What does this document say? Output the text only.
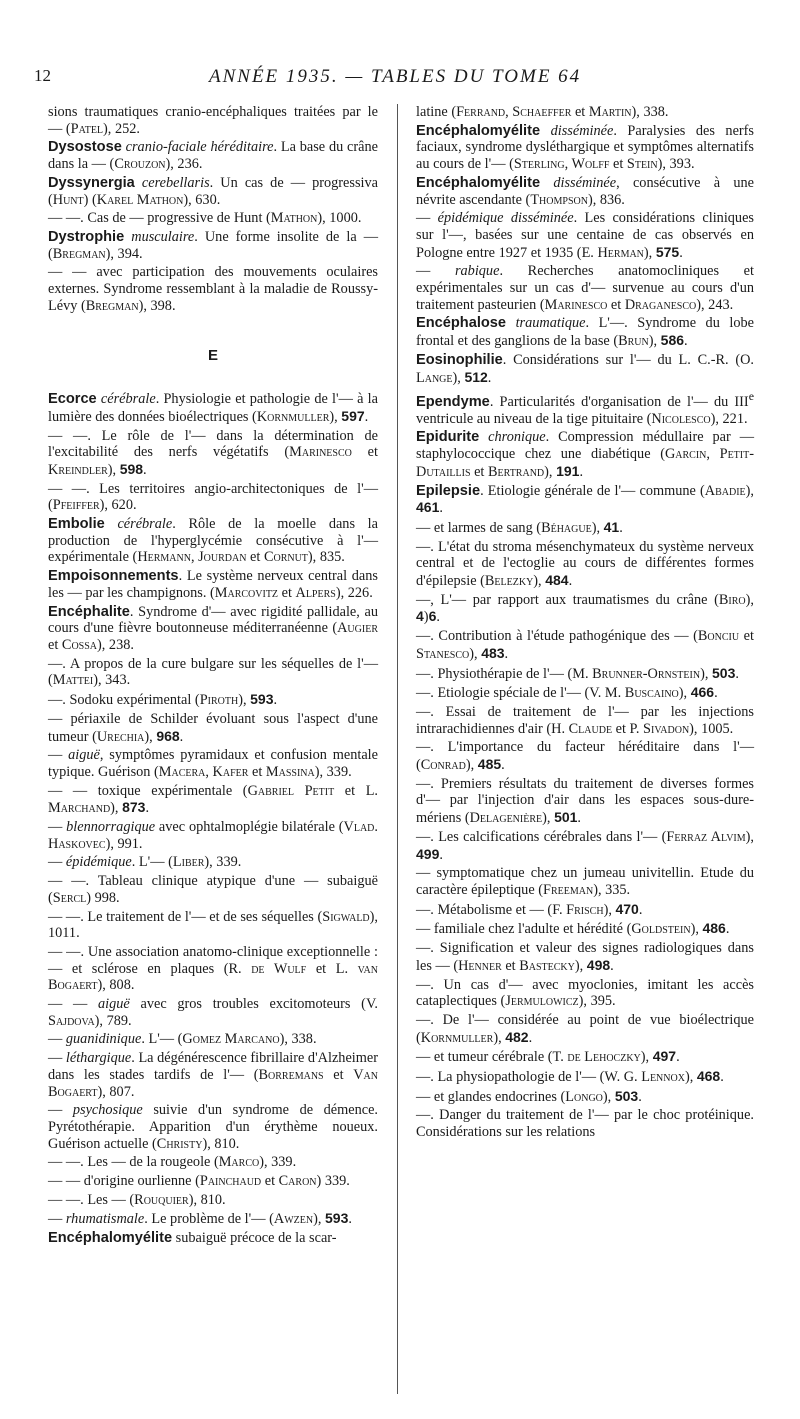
12	ANNÉE 1935. — TABLES DU TOME 64
sions traumatiques cranio-encéphaliques traitées par le — (Patel), 252.
Dysostose cranio-faciale héréditaire. La base du crâne dans la — (Crouzon), 236.
Dyssynergia cerebellaris. Un cas de — progressiva (Hunt) (Karel Mathon), 630.
— —. Cas de — progressive de Hunt (Mathon), 1000.
Dystrophie musculaire. Une forme insolite de la — (Bregman), 394.
— — avec participation des mouvements oculaires externes. Syndrome ressemblant à la maladie de Roussy-Lévy (Bregman), 398.
E
Ecorce cérébrale. Physiologie et pathologie de l'— à la lumière des données bioélectriques (Kornmuller), 597.
— —. Le rôle de l'— dans la détermination de l'excitabilité des nerfs végétatifs (Marinesco et Kreindler), 598.
— —. Les territoires angio-architectoniques de l'— (Pfeiffer), 620.
Embolie cérébrale. Rôle de la moelle dans la production de l'hyperglycémie consécutive à l'— expérimentale (Hermann, Jourdan et Cornut), 835.
Empoisonnements. Le système nerveux central dans les — par les champignons. (Marcovitz et Alpers), 226.
Encéphalite. Syndrome d'— avec rigidité pallidale, au cours d'une fièvre boutonneuse méditerranéenne (Augier et Cossa), 238.
—. A propos de la cure bulgare sur les séquelles de l'— (Mattei), 343.
—. Sodoku expérimental (Piroth), 593.
— périaxile de Schilder évoluant sous l'aspect d'une tumeur (Urechia), 968.
— aiguë, symptômes pyramidaux et confusion mentale typique. Guérison (Macera, Kafer et Massina), 339.
— — toxique expérimentale (Gabriel Petit et L. Marchand), 873.
— blennorragique avec ophtalmoplégie bilatérale (Vlad. Haskovec), 991.
— épidémique. L'— (Liber), 339.
— —. Tableau clinique atypique d'une — subaiguë (Sercl) 998.
— —. Le traitement de l'— et de ses séquelles (Sigwald), 1011.
— —. Une association anatomo-clinique exceptionnelle : — et sclérose en plaques (R. de Wulf et L. van Bogaert), 808.
— — aiguë avec gros troubles excitomoteurs (V. Sajdova), 789.
— guanidinique. L'— (Gomez Marcano), 338.
— léthargique. La dégénérescence fibrillaire d'Alzheimer dans les stades tardifs de l'— (Borremans et Van Bogaert), 807.
— psychosique suivie d'un syndrome de démence. Pyrétothérapie. Apparition d'un érythème noueux. Guérison actuelle (Christy), 810.
— —. Les — de la rougeole (Marco), 339.
— — d'origine ourlienne (Painchaud et Caron) 339.
— —. Les — (Rouquier), 810.
— rhumatismale. Le problème de l'— (Awzen), 593.
Encéphalomyélite subaiguë précoce de la scar-
latine (Ferrand, Schaeffer et Martin), 338.
Encéphalomyélite disséminée. Paralysies des nerfs faciaux, syndrome dysléthargique et symptômes alternatifs au cours de l'— (Sterling, Wolff et Stein), 393.
Encéphalomyélite disséminée, consécutive à une névrite ascendante (Thompson), 836.
— épidémique disséminée. Les considérations cliniques sur l'—, basées sur une centaine de cas observés en Pologne entre 1927 et 1935 (E. Herman), 575.
— rabique. Recherches anatomocliniques et expérimentales sur un cas d'— survenue au cours d'un traitement pasteurien (Marinesco et Draganesco), 243.
Encéphalose traumatique. L'—. Syndrome du lobe frontal et des ganglions de la base (Brun), 586.
Eosinophilie. Considérations sur l'— du L. C.-R. (O. Lange), 512.
Ependyme. Particularités d'organisation de l'— du IIIe ventricule au niveau de la tige pituitaire (Nicolesco), 221.
Epidurite chronique. Compression médullaire par — staphylococcique chez une diabétique (Garcin, Petit-Dutaillis et Bertrand), 191.
Epilepsie. Etiologie générale de l'— commune (Abadie), 461.
— et larmes de sang (Béhague), 41.
—. L'état du stroma mésenchymateux du système nerveux central et de l'ectoglie au cours de différentes formes d'épilepsie (Belezky), 484.
—, L'— par rapport aux traumatismes du crâne (Biro), 4)6.
—. Contribution à l'étude pathogénique des — (Bonciu et Stanesco), 483.
—. Physiothérapie de l'— (M. Brunner-Ornstein), 503.
—. Etiologie spéciale de l'— (V. M. Buscaino), 466.
—. Essai de traitement de l'— par les injections intrarachidiennes d'air (H. Claude et P. Sivadon), 1005.
—. L'importance du facteur héréditaire dans l'— (Conrad), 485.
—. Premiers résultats du traitement de diverses formes d'— par l'injection d'air dans les espaces sous-dure-mériens (Delagenière), 501.
—. Les calcifications cérébrales dans l'— (Ferraz Alvim), 499.
— symptomatique chez un jumeau univitellin. Etude du caractère épileptique (Freeman), 335.
—. Métabolisme et — (F. Frisch), 470.
— familiale chez l'adulte et hérédité (Goldstein), 486.
—. Signification et valeur des signes radiologiques dans les — (Henner et Bastecky), 498.
—. Un cas d'— avec myoclonies, imitant les accès cataplectiques (Jermulowicz), 395.
—. De l'— considérée au point de vue bioélectrique (Kornmuller), 482.
— et tumeur cérébrale (T. de Lehoczky), 497.
—. La physiopathologie de l'— (W. G. Lennox), 468.
— et glandes endocrines (Longo), 503.
—. Danger du traitement de l'— par le choc protéinique. Considérations sur les relations
